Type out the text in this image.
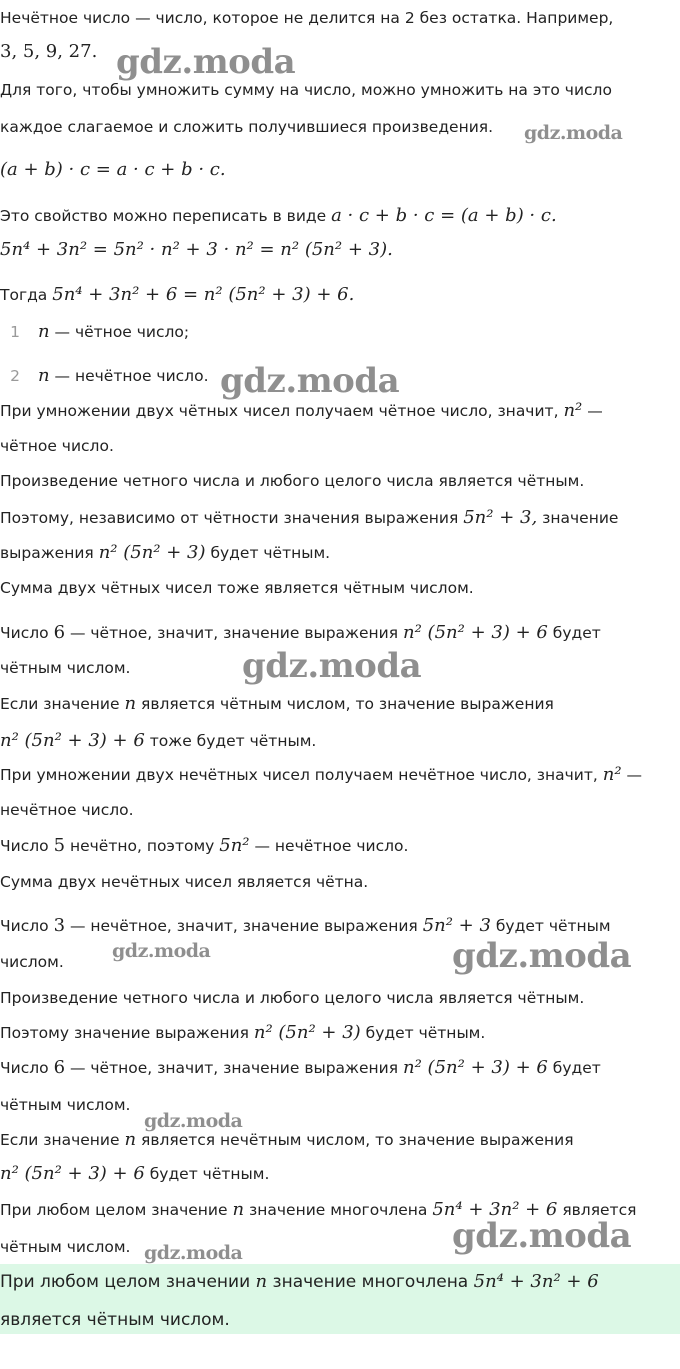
Нечётное число — число, которое не делится на 2 без остатка. Например,
3, 5, 9, 27.
Для того, чтобы умножить сумму на число, можно умножить на это число
каждое слагаемое и сложить получившиеся произведения.
(a + b) · c = a · c + b · c.
Это свойство можно переписать в виде a · c + b · c = (a + b) · c.
5n⁴ + 3n² = 5n² · n² + 3 · n² = n² (5n² + 3).
Тогда 5n⁴ + 3n² + 6 = n² (5n² + 3) + 6.
1 n — чётное число;
2 n — нечётное число.
При умножении двух чётных чисел получаем чётное число, значит, n² —
чётное число.
Произведение четного числа и любого целого числа является чётным.
Поэтому, независимо от чётности значения выражения 5n² + 3, значение
выражения n² (5n² + 3) будет чётным.
Сумма двух чётных чисел тоже является чётным числом.
Число 6 — чётное, значит, значение выражения n² (5n² + 3) + 6 будет
чётным числом.
Если значение n является чётным числом, то значение выражения
n² (5n² + 3) + 6 тоже будет чётным.
При умножении двух нечётных чисел получаем нечётное число, значит, n² —
нечётное число.
Число 5 нечётно, поэтому 5n² — нечётное число.
Сумма двух нечётных чисел является чётна.
Число 3 — нечётное, значит, значение выражения 5n² + 3 будет чётным
числом.
Произведение четного числа и любого целого числа является чётным.
Поэтому значение выражения n² (5n² + 3) будет чётным.
Число 6 — чётное, значит, значение выражения n² (5n² + 3) + 6 будет
чётным числом.
Если значение n является нечётным числом, то значение выражения
n² (5n² + 3) + 6 будет чётным.
При любом целом значение n значение многочлена 5n⁴ + 3n² + 6 является
чётным числом.
При любом целом значении n значение многочлена 5n⁴ + 3n² + 6
является чётным числом.
gdz.moda
gdz.moda
gdz.moda
gdz.moda
gdz.moda	gdz.moda
gdz.moda
gdz.moda
gdz.moda
